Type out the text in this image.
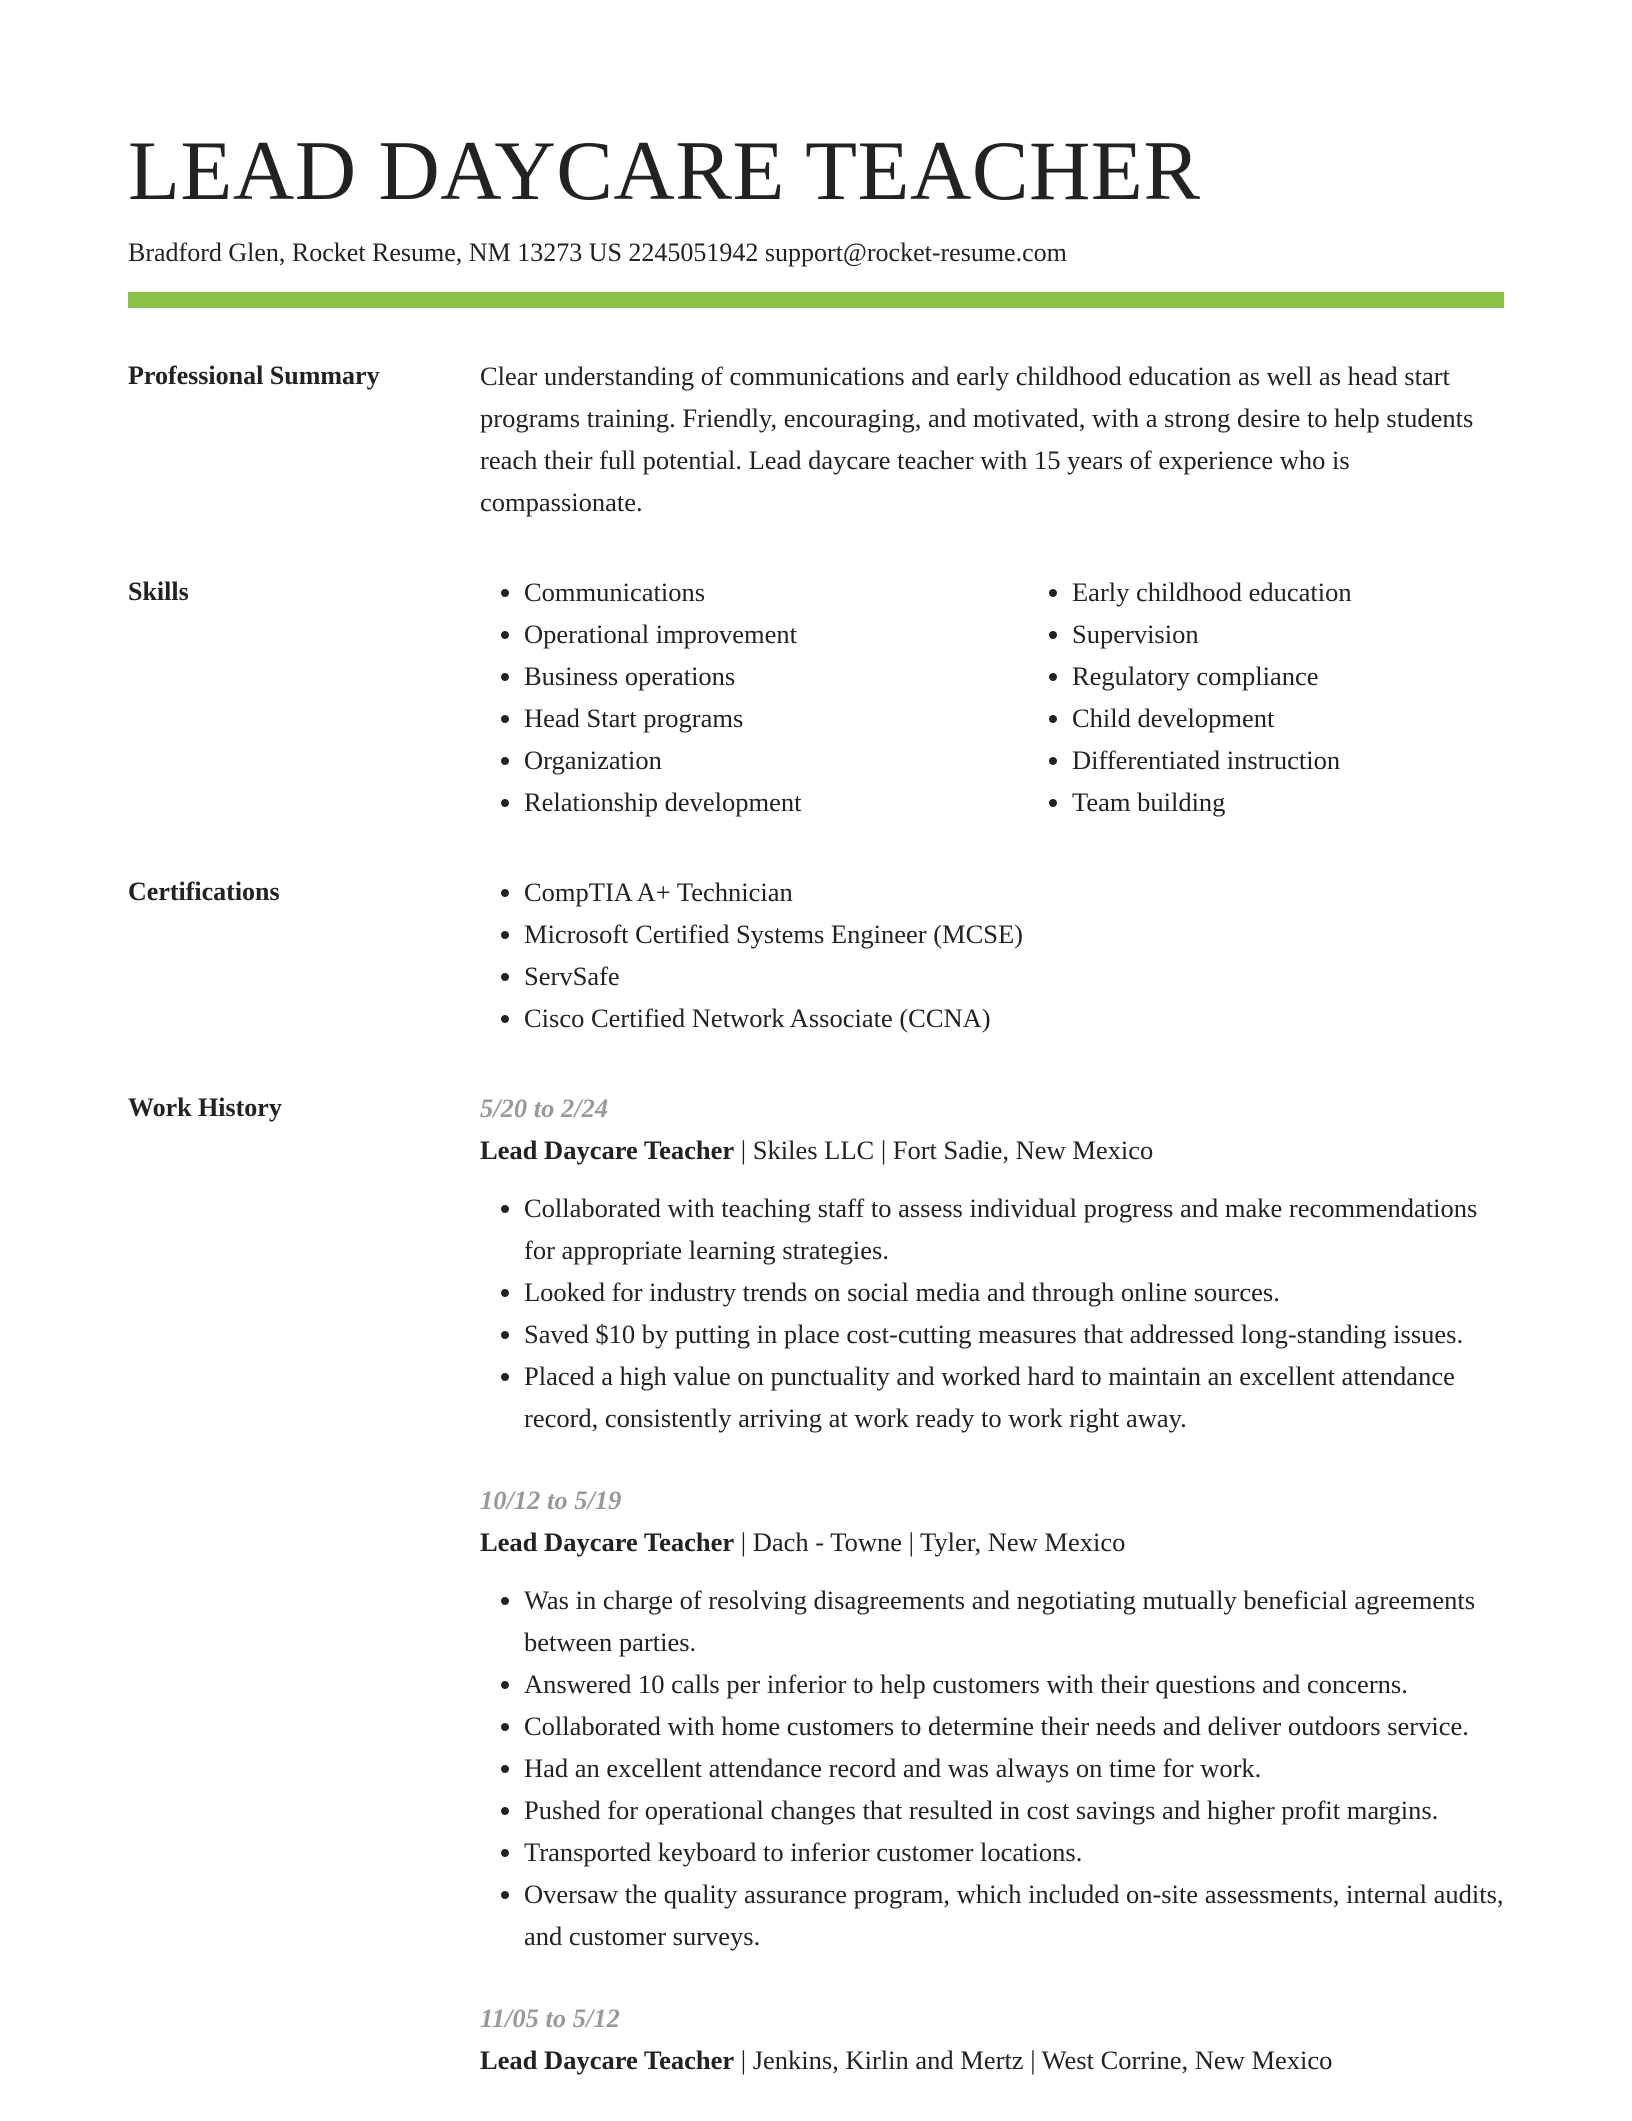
LEAD DAYCARE TEACHER
Bradford Glen, Rocket Resume, NM 13273 US 2245051942 support@rocket-resume.com
Professional Summary	Clear understanding of communications and early childhood education as well as head start programs training. Friendly, encouraging, and motivated, with a strong desire to help students reach their full potential. Lead daycare teacher with 15 years of experience who is compassionate.

Skills	• Communications
• Operational improvement
• Business operations
• Head Start programs
• Organization
• Relationship development
• Early childhood education
• Supervision
• Regulatory compliance
• Child development
• Differentiated instruction
• Team building
Certifications	• CompTIA A+ Technician
• Microsoft Certified Systems Engineer (MCSE)
• ServSafe
• Cisco Certified Network Associate (CCNA)
Work History	5/20 to 2/24
Lead Daycare Teacher | Skiles LLC | Fort Sadie, New Mexico
• Collaborated with teaching staff to assess individual progress and make recommendations for appropriate learning strategies.
• Looked for industry trends on social media and through online sources.
• Saved $10 by putting in place cost-cutting measures that addressed long-standing issues.
• Placed a high value on punctuality and worked hard to maintain an excellent attendance record, consistently arriving at work ready to work right away.
10/12 to 5/19
Lead Daycare Teacher | Dach - Towne | Tyler, New Mexico
• Was in charge of resolving disagreements and negotiating mutually beneficial agreements between parties.
• Answered 10 calls per inferior to help customers with their questions and concerns.
• Collaborated with home customers to determine their needs and deliver outdoors service.
• Had an excellent attendance record and was always on time for work.
• Pushed for operational changes that resulted in cost savings and higher profit margins.
• Transported keyboard to inferior customer locations.
• Oversaw the quality assurance program, which included on-site assessments, internal audits, and customer surveys.
11/05 to 5/12
Lead Daycare Teacher | Jenkins, Kirlin and Mertz | West Corrine, New Mexico
